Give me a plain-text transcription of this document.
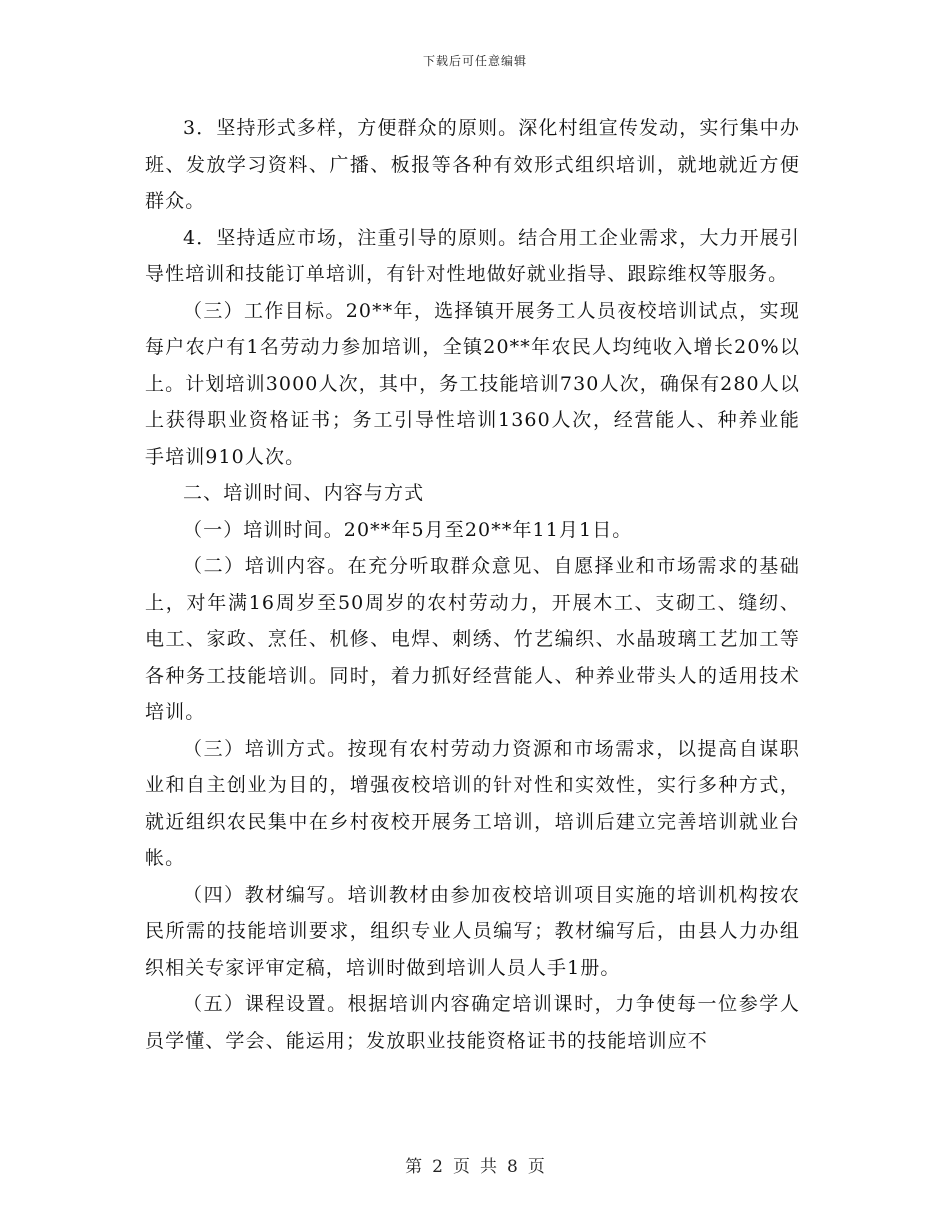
下载后可任意编辑

3．坚持形式多样，方便群众的原则。深化村组宣传发动，实行集中办班、发放学习资料、广播、板报等各种有效形式组织培训，就地就近方便群众。

4．坚持适应市场，注重引导的原则。结合用工企业需求，大力开展引导性培训和技能订单培训，有针对性地做好就业指导、跟踪维权等服务。

（三）工作目标。20**年，选择镇开展务工人员夜校培训试点，实现每户农户有1名劳动力参加培训，全镇20**年农民人均纯收入增长20%以上。计划培训3000人次，其中，务工技能培训730人次，确保有280人以上获得职业资格证书；务工引导性培训1360人次，经营能人、种养业能手培训910人次。

二、培训时间、内容与方式

（一）培训时间。20**年5月至20**年11月1日。

（二）培训内容。在充分听取群众意见、自愿择业和市场需求的基础上，对年满16周岁至50周岁的农村劳动力，开展木工、支砌工、缝纫、电工、家政、烹任、机修、电焊、刺绣、竹艺编织、水晶玻璃工艺加工等各种务工技能培训。同时，着力抓好经营能人、种养业带头人的适用技术培训。

（三）培训方式。按现有农村劳动力资源和市场需求，以提高自谋职业和自主创业为目的，增强夜校培训的针对性和实效性，实行多种方式，就近组织农民集中在乡村夜校开展务工培训，培训后建立完善培训就业台帐。

（四）教材编写。培训教材由参加夜校培训项目实施的培训机构按农民所需的技能培训要求，组织专业人员编写；教材编写后，由县人力办组织相关专家评审定稿，培训时做到培训人员人手1册。

（五）课程设置。根据培训内容确定培训课时，力争使每一位参学人员学懂、学会、能运用；发放职业技能资格证书的技能培训应不

第 2 页 共 8 页
